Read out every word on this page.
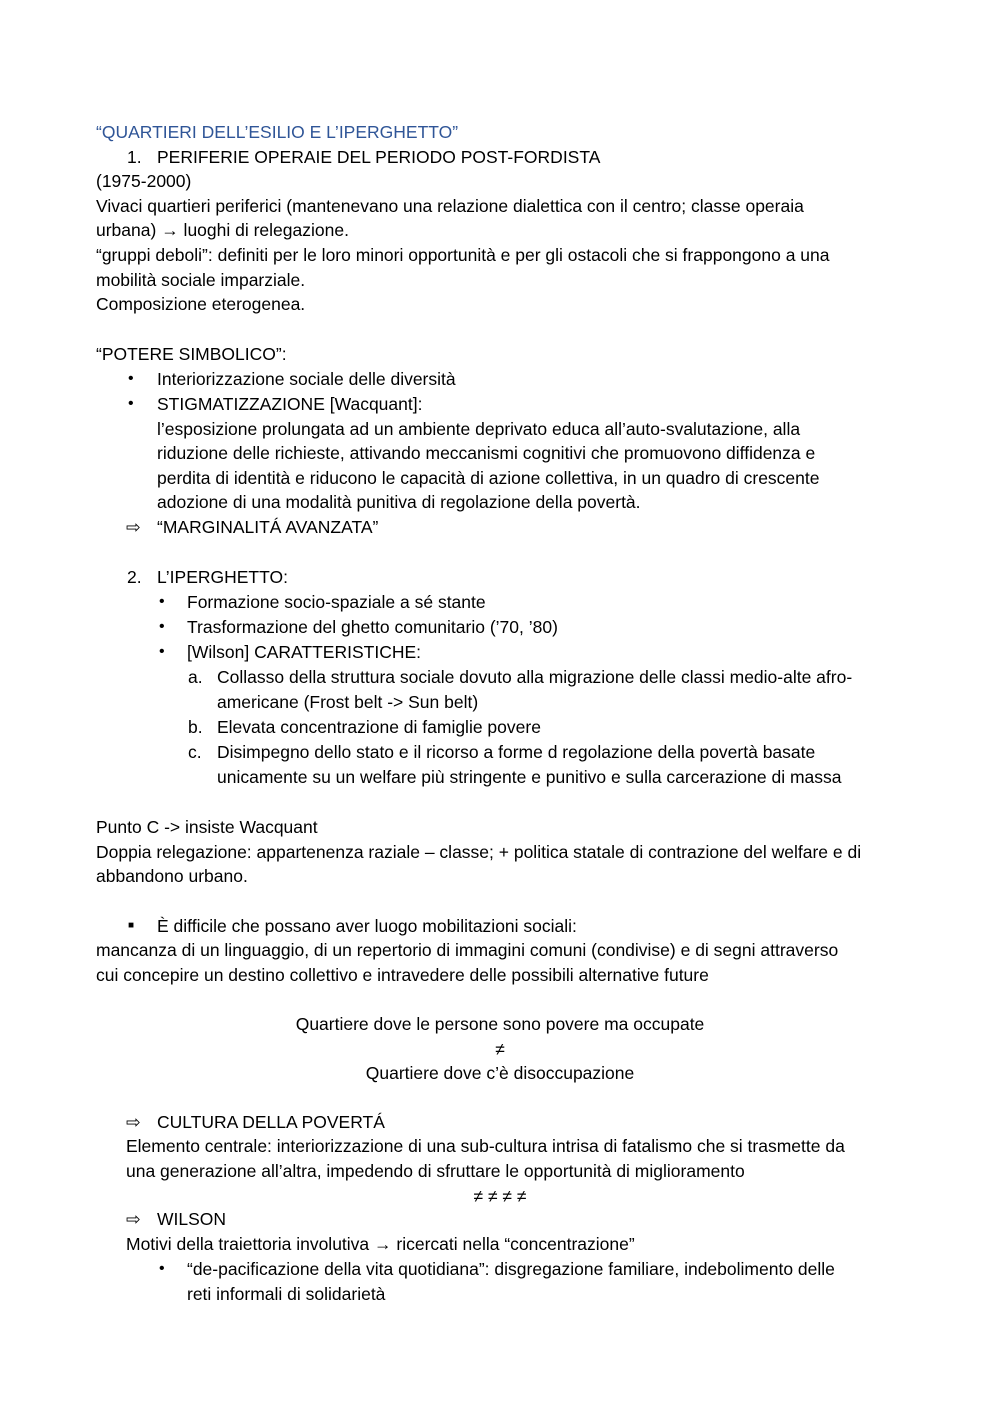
“QUARTIERI DELL’ESILIO E L’IPERGHETTO”
1. PERIFERIE OPERAIE DEL PERIODO POST-FORDISTA
(1975-2000)
Vivaci quartieri periferici (mantenevano una relazione dialettica con il centro; classe operaia
urbana) → luoghi di relegazione.
“gruppi deboli”: definiti per le loro minori opportunità e per gli ostacoli che si frappongono a una
mobilità sociale imparziale.
Composizione eterogenea.
“POTERE SIMBOLICO”:
• Interiorizzazione sociale delle diversità
• STIGMATIZZAZIONE [Wacquant]:
l’esposizione prolungata ad un ambiente deprivato educa all’auto-svalutazione, alla
riduzione delle richieste, attivando meccanismi cognitivi che promuovono diffidenza e
perdita di identità e riducono le capacità di azione collettiva, in un quadro di crescente
adozione di una modalità punitiva di regolazione della povertà.
⇨ “MARGINALITÁ AVANZATA”
2. L’IPERGHETTO:
• Formazione socio-spaziale a sé stante
• Trasformazione del ghetto comunitario (’70, ’80)
• [Wilson] CARATTERISTICHE:
a. Collasso della struttura sociale dovuto alla migrazione delle classi medio-alte afro-
americane (Frost belt -> Sun belt)
b. Elevata concentrazione di famiglie povere
c. Disimpegno dello stato e il ricorso a forme d regolazione della povertà basate
unicamente su un welfare più stringente e punitivo e sulla carcerazione di massa
Punto C -> insiste Wacquant
Doppia relegazione: appartenenza raziale – classe; + politica statale di contrazione del welfare e di
abbandono urbano.
■ È difficile che possano aver luogo mobilitazioni sociali:
mancanza di un linguaggio, di un repertorio di immagini comuni (condivise) e di segni attraverso
cui concepire un destino collettivo e intravedere delle possibili alternative future
Quartiere dove le persone sono povere ma occupate
≠
Quartiere dove c’è disoccupazione
⇨ CULTURA DELLA POVERTÁ
Elemento centrale: interiorizzazione di una sub-cultura intrisa di fatalismo che si trasmette da
una generazione all’altra, impedendo di sfruttare le opportunità di miglioramento
≠ ≠ ≠ ≠
⇨ WILSON
Motivi della traiettoria involutiva → ricercati nella “concentrazione”
• “de-pacificazione della vita quotidiana”: disgregazione familiare, indebolimento delle
reti informali di solidarietà
